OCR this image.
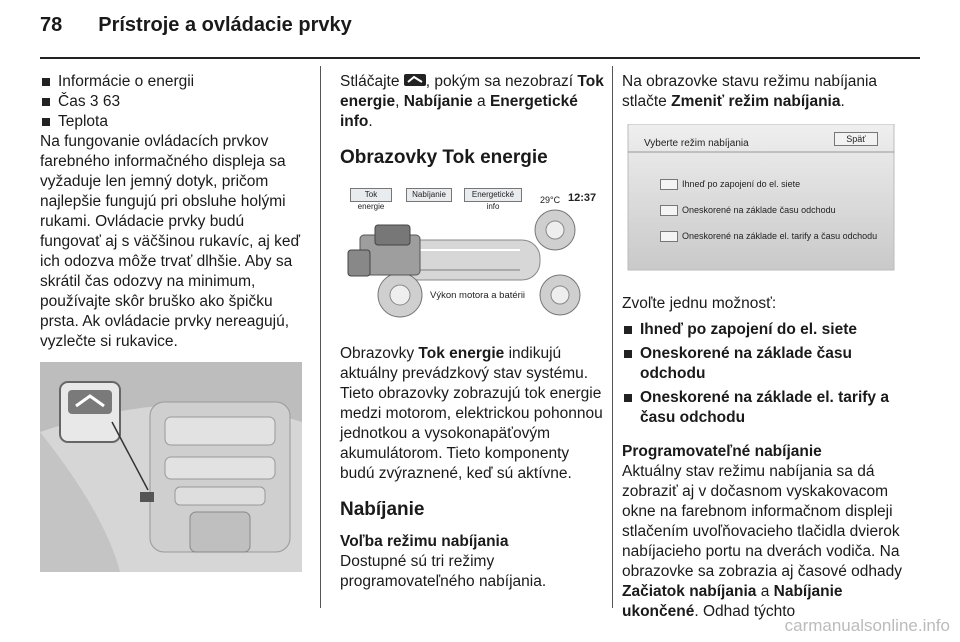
78 Prístroje a ovládacie prvky
Informácie o energii
Čas 3 63
Teplota

Na fungovanie ovládacích prvkov farebného informačného displeja sa vyžaduje len jemný dotyk, pričom najlepšie fungujú pri obsluhe holými rukami. Ovládacie prvky budú fungovať aj s väčšinou rukavíc, aj keď ich odozva môže trvať dlhšie. Aby sa skrátil čas odozvy na minimum, používajte skôr bruško ako špičku prsta. Ak ovládacie prvky nereagujú, vyzlečte si rukavice.

Stláčajte , pokým sa nezobrazí Tok energie, Nabíjanie a Energetické info.

Obrazovky Tok energie
Tok energie
Nabíjanie	Energetické info
29°C 12:37
Výkon motora a batérii

Obrazovky Tok energie indikujú aktuálny prevádzkový stav systému. Tieto obrazovky zobrazujú tok energie medzi motorom, elektrickou pohonnou jednotkou a vysokonapäťovým akumulátorom. Tieto komponenty budú zvýraznené, keď sú aktívne.

Nabíjanie
Voľba režimu nabíjania

Dostupné sú tri režimy programovateľného nabíjania.

Na obrazovke stavu režimu nabíjania stlačte Zmeniť režim nabíjania.

Vyberte režim nabíjania	Späť
Ihneď po zapojení do el. siete
Oneskorené na základe času odchodu
Oneskorené na základe el. tarify a času odchodu

Zvoľte jednu možnosť:

Ihneď po zapojení do el. siete
Oneskorené na základe času odchodu
Oneskorené na základe el. tarify a času odchodu
Programovateľné nabíjanie

Aktuálny stav režimu nabíjania sa dá zobraziť aj v dočasnom vyskakovacom okne na farebnom informačnom displeji stlačením uvoľňovacieho tlačidla dvierok nabíjacieho portu na dverách vodiča. Na obrazovke sa zobrazia aj časové odhady Začiatok nabíjania a Nabíjanie ukončené. Odhad týchto

carmanualsonline.info
